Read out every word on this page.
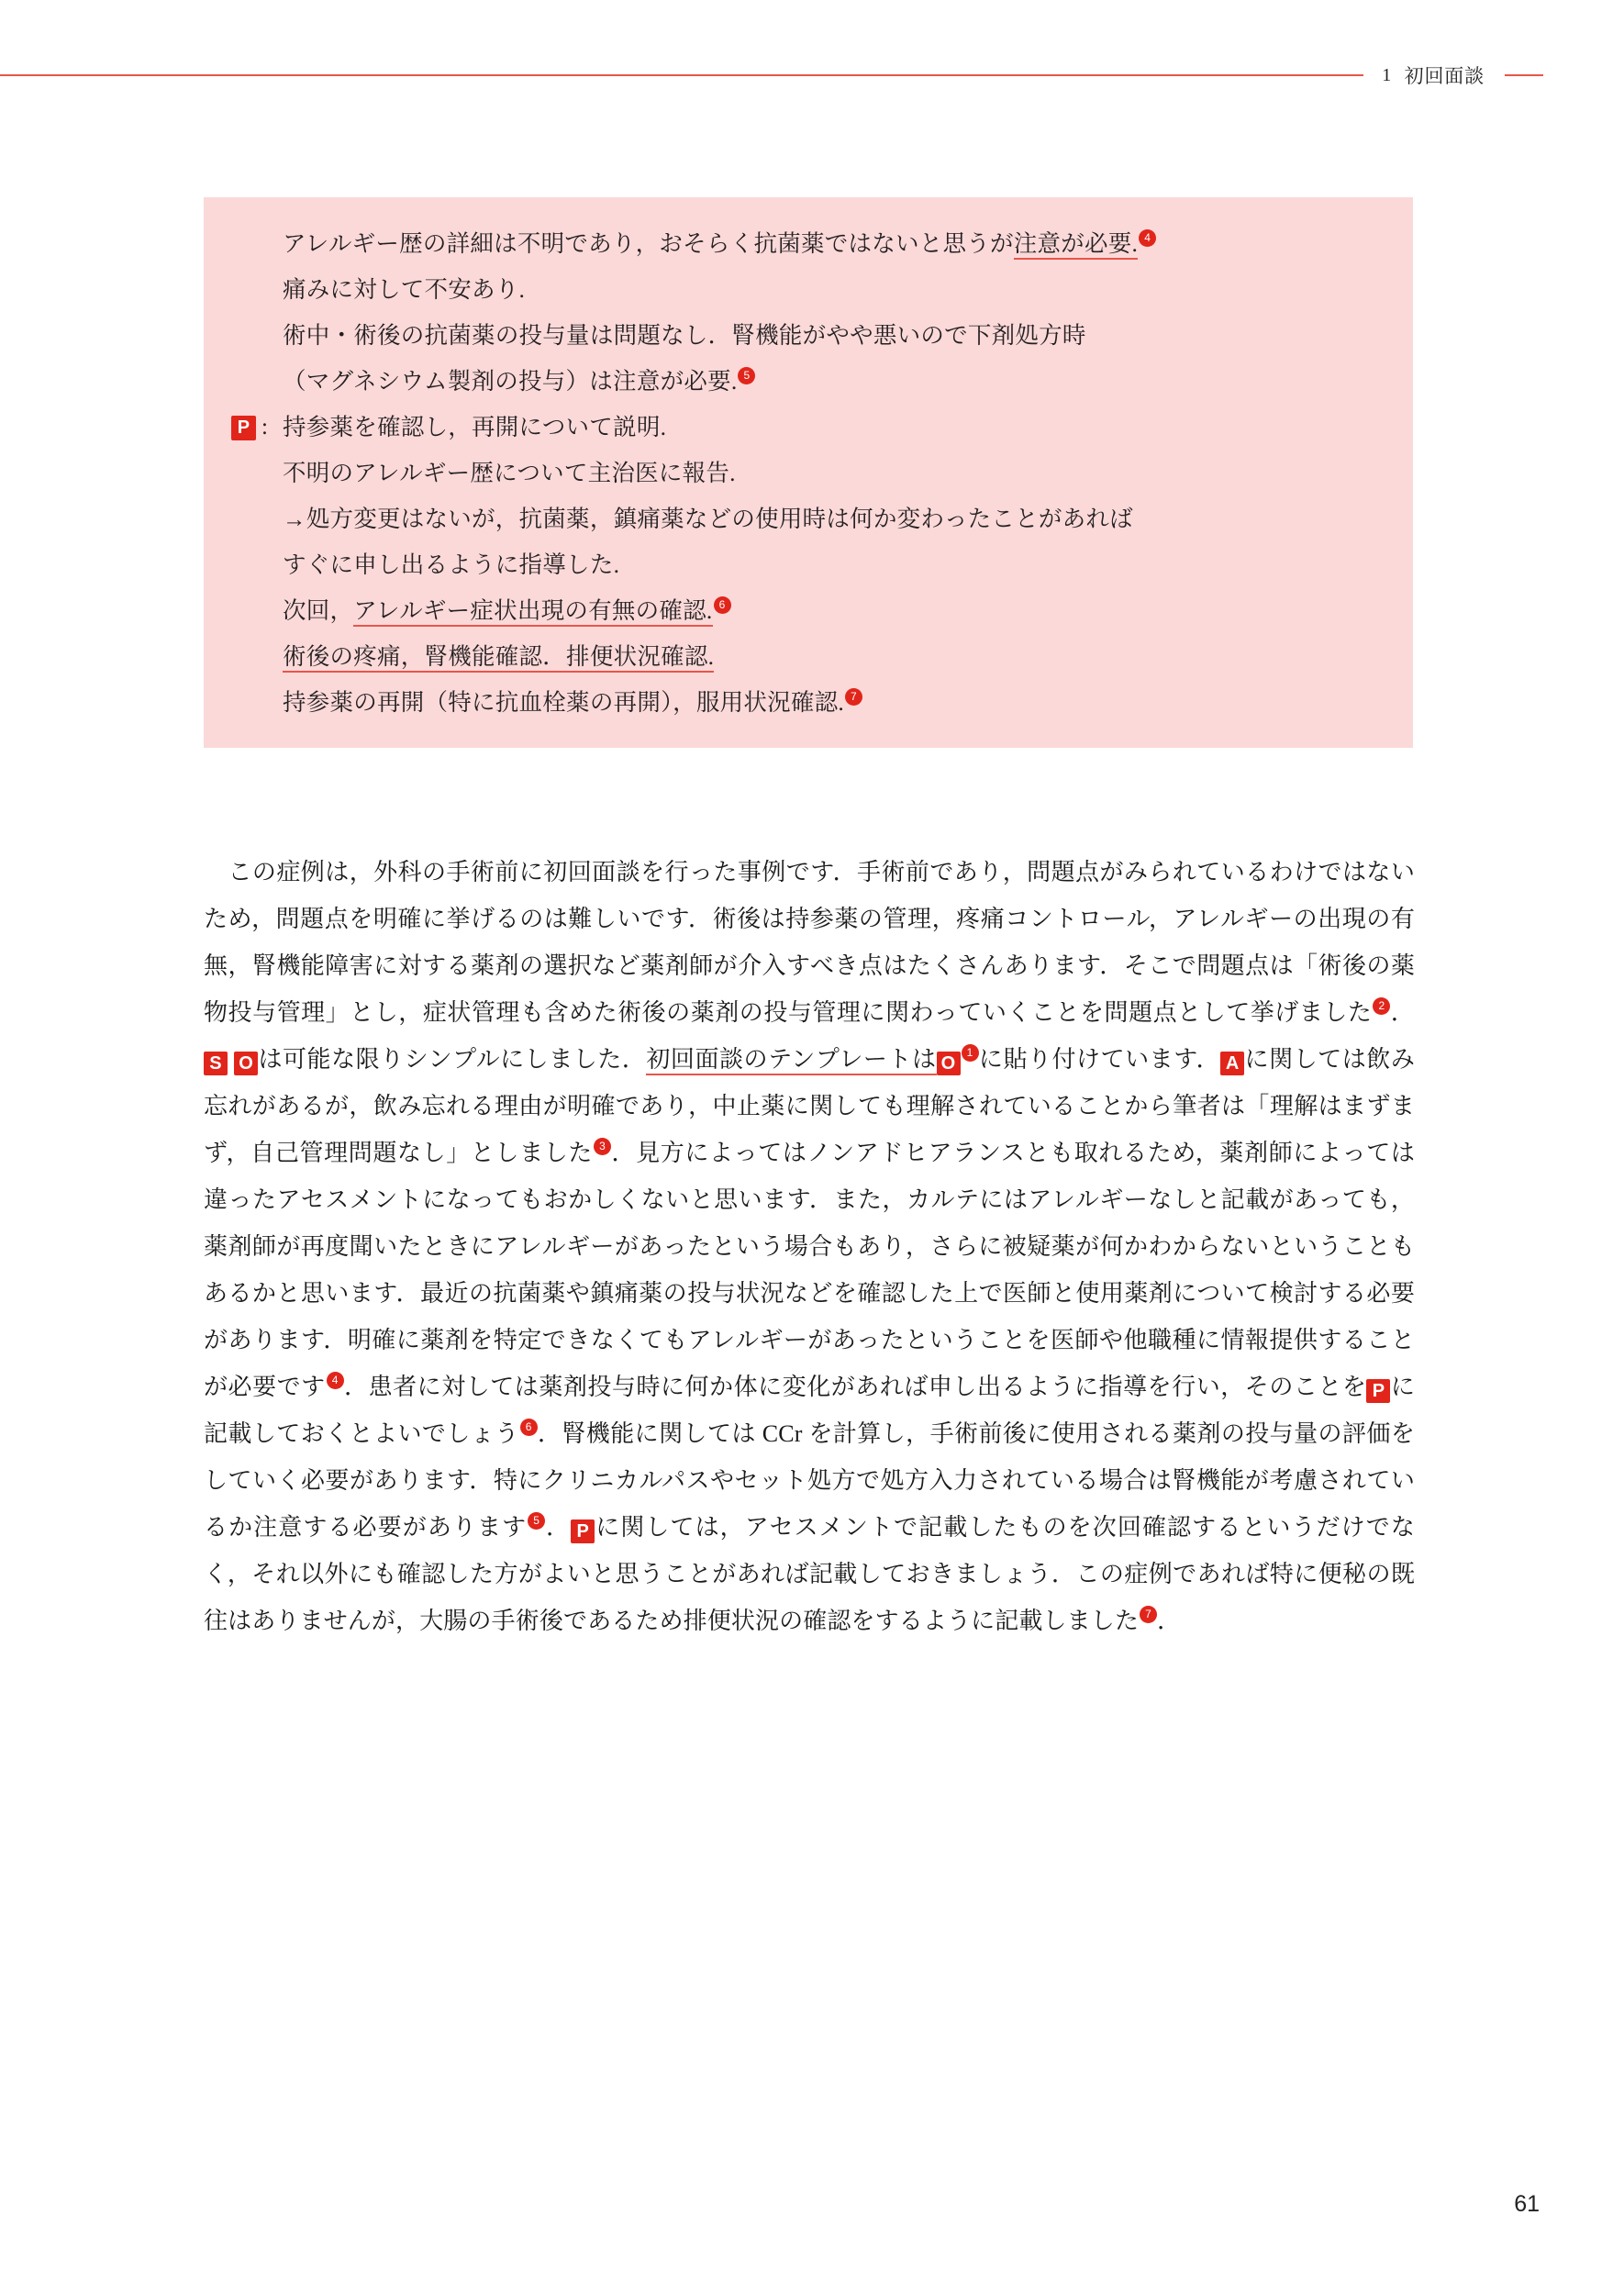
1 初回面談
アレルギー歴の詳細は不明であり，おそらく抗菌薬ではないと思うが注意が必要. 4
痛みに対して不安あり.
術中・術後の抗菌薬の投与量は問題なし．腎機能がやや悪いので下剤処方時
（マグネシウム製剤の投与）は注意が必要. 5
P : 持参薬を確認し，再開について説明.
不明のアレルギー歴について主治医に報告.
→処方変更はないが，抗菌薬，鎮痛薬などの使用時は何か変わったことがあれば
すぐに申し出るように指導した.
次回，アレルギー症状出現の有無の確認. 6
術後の疼痛，腎機能確認．排便状況確認.
持参薬の再開（特に抗血栓薬の再開），服用状況確認. 7

　この症例は，外科の手術前に初回面談を行った事例です．手術前であり，問題点がみられているわけではないため，問題点を明確に挙げるのは難しいです．術後は持参薬の管理，疼痛コントロール，アレルギーの出現の有無，腎機能障害に対する薬剤の選択など薬剤師が介入すべき点はたくさんあります．そこで問題点は「術後の薬物投与管理」とし，症状管理も含めた術後の薬剤の投与管理に関わっていくことを問題点として挙げました 2 ．S O は可能な限りシンプルにしました．初回面談のテンプレートは O1 に貼り付けています． A に関しては飲み忘れがあるが，飲み忘れる理由が明確であり，中止薬に関しても理解されていることから筆者は「理解はまずまず，自己管理問題なし」としました 3 ．見方によってはノンアドヒアランスとも取れるため，薬剤師によっては違ったアセスメントになってもおかしくないと思います．また，カルテにはアレルギーなしと記載があっても，薬剤師が再度聞いたときにアレルギーがあったという場合もあり，さらに被疑薬が何かわからないということもあるかと思います．最近の抗菌薬や鎮痛薬の投与状況などを確認した上で医師と使用薬剤について検討する必要があります．明確に薬剤を特定できなくてもアレルギーがあったということを医師や他職種に情報提供することが必要です 4 ．患者に対しては薬剤投与時に何か体に変化があれば申し出るように指導を行い，そのことを P に記載しておくとよいでしょう 6 ．腎機能に関しては CCr を計算し，手術前後に使用される薬剤の投与量の評価をしていく必要があります．特にクリニカルパスやセット処方で処方入力されている場合は腎機能が考慮されているか注意する必要があります 5 ． P に関しては，アセスメントで記載したものを次回確認するというだけでなく，それ以外にも確認した方がよいと思うことがあれば記載しておきましょう．この症例であれば特に便秘の既往はありませんが，大腸の手術後であるため排便状況の確認をするように記載しました 7 ．

61
